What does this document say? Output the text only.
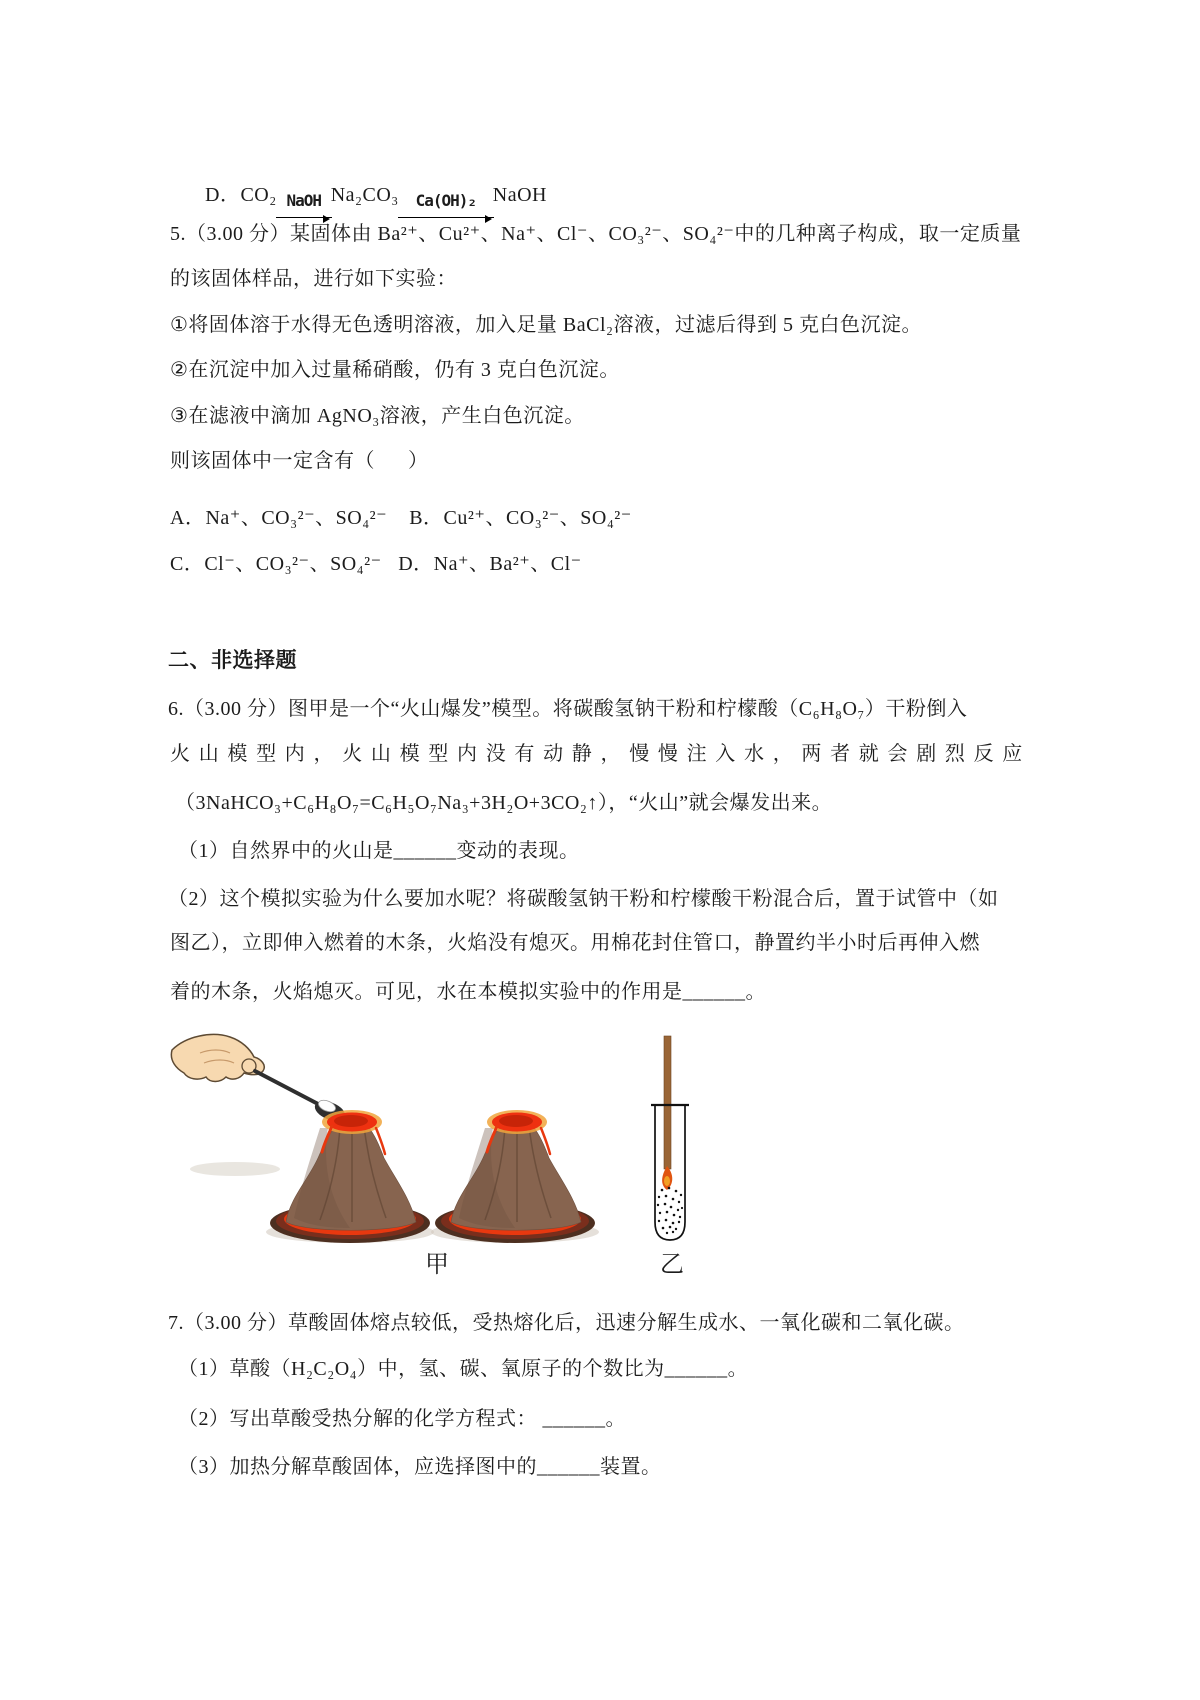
D．CO₂ NaOH Na₂CO₃	Ca(OH)₂ NaOH

5.（3.00 分）某固体由 Ba²⁺、Cu²⁺、Na⁺、Cl⁻、CO₃²⁻、SO₄²⁻中的几种离子构成，取一定质量
的该固体样品，进行如下实验：
①将固体溶于水得无色透明溶液，加入足量 BaCl₂溶液，过滤后得到 5 克白色沉淀。
②在沉淀中加入过量稀硝酸，仍有 3 克白色沉淀。
③在滤液中滴加 AgNO₃溶液，产生白色沉淀。
则该固体中一定含有（      ）
A．Na⁺、CO₃²⁻、SO₄²⁻    B．Cu²⁺、CO₃²⁻、SO₄²⁻
C．Cl⁻、CO₃²⁻、SO₄²⁻   D．Na⁺、Ba²⁺、Cl⁻
二、非选择题
6.（3.00 分）图甲是一个“火山爆发”模型。将碳酸氢钠干粉和柠檬酸（C₆H₈O₇）干粉倒入
火山模型内，火山模型内没有动静，慢慢注入水，两者就会剧烈反应
（3NaHCO₃+C₆H₈O₇=C₆H₅O₇Na₃+3H₂O+3CO₂↑），“火山”就会爆发出来。
（1）自然界中的火山是______变动的表现。
（2）这个模拟实验为什么要加水呢？将碳酸氢钠干粉和柠檬酸干粉混合后，置于试管中（如
图乙），立即伸入燃着的木条，火焰没有熄灭。用棉花封住管口，静置约半小时后再伸入燃
着的木条，火焰熄灭。可见，水在本模拟实验中的作用是______。
甲	乙
7.（3.00 分）草酸固体熔点较低，受热熔化后，迅速分解生成水、一氧化碳和二氧化碳。
（1）草酸（H₂C₂O₄）中，氢、碳、氧原子的个数比为______。
（2）写出草酸受热分解的化学方程式： ______。
（3）加热分解草酸固体，应选择图中的______装置。
